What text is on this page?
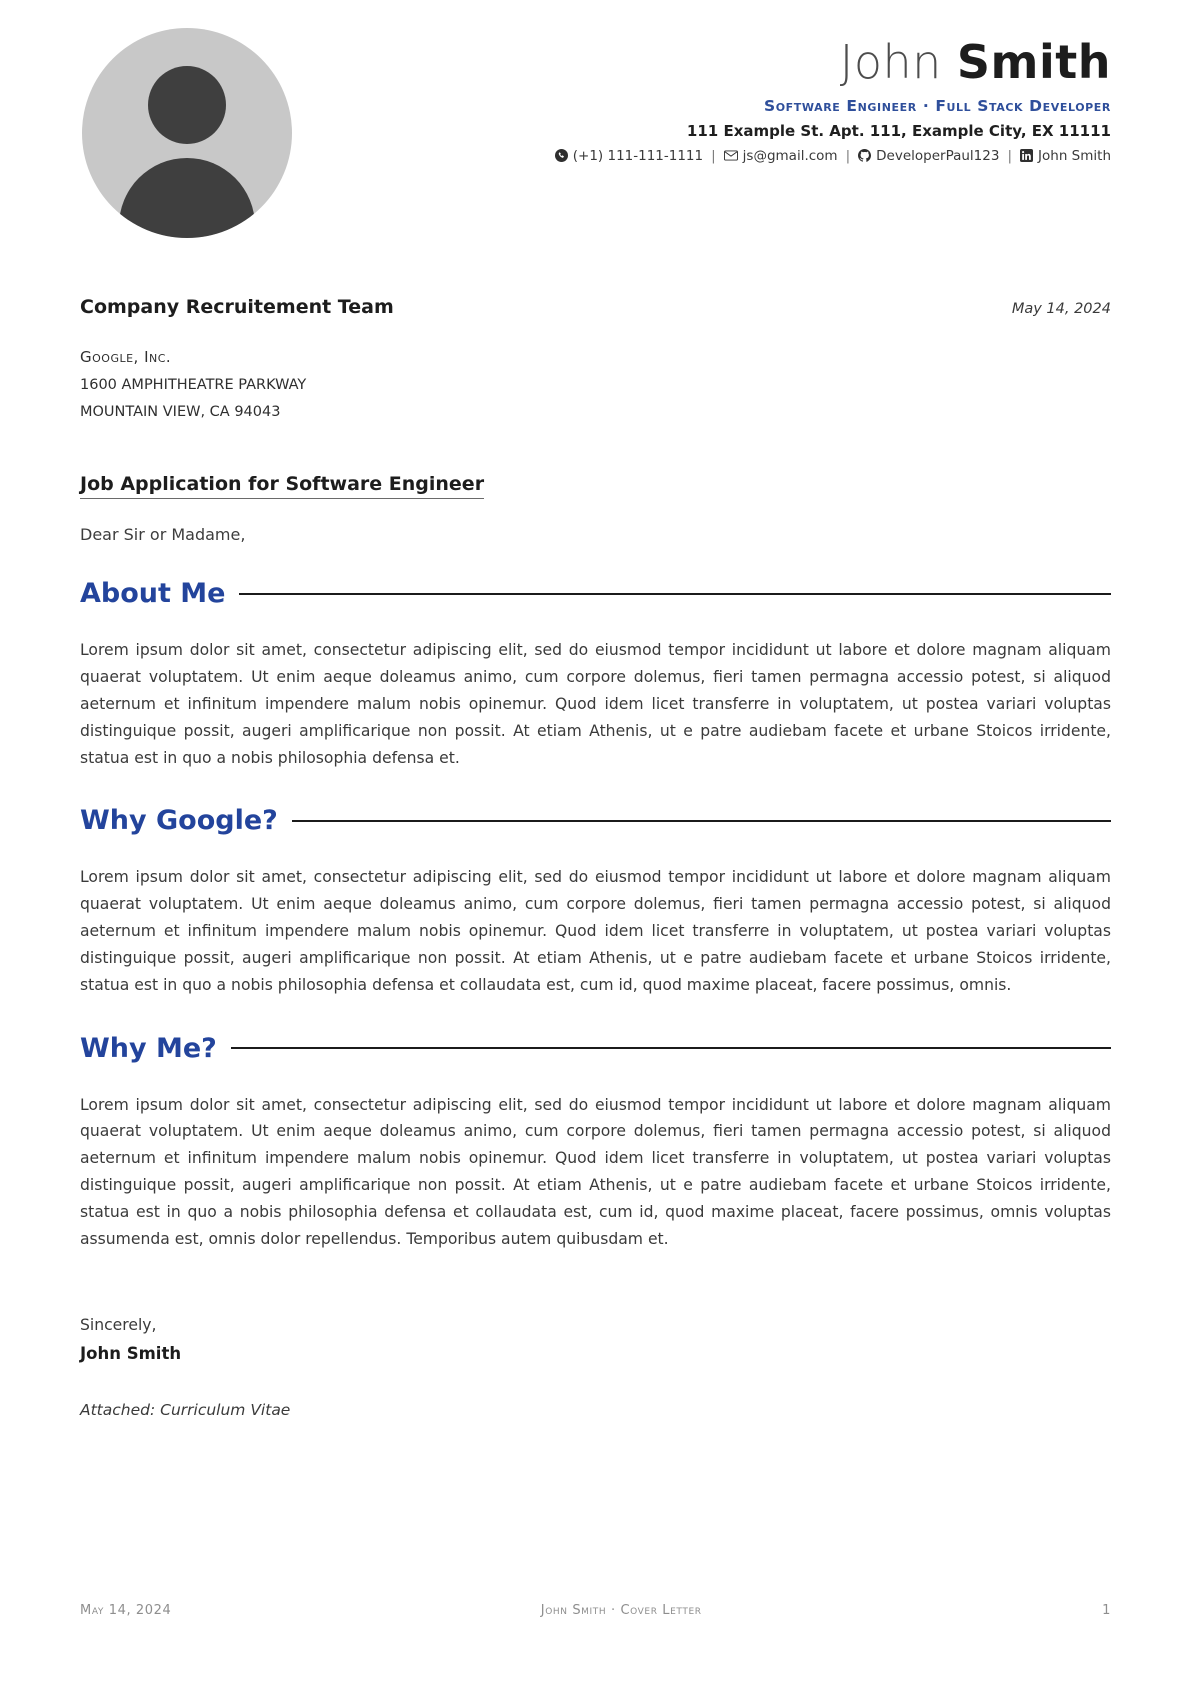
John Smith
Software Engineer · Full Stack Developer
111 Example St. Apt. 111, Example City, EX 11111
(+1) 111-111-1111 | js@gmail.com | DeveloperPaul123 | John Smith
Company Recruitement Team	May 14, 2024
Google, Inc.
1600 AMPHITHEATRE PARKWAY
MOUNTAIN VIEW, CA 94043
Job Application for Software Engineer
Dear Sir or Madame,
About Me
Lorem ipsum dolor sit amet, consectetur adipiscing elit, sed do eiusmod tempor incididunt ut labore et dolore magnam aliquam quaerat voluptatem. Ut enim aeque doleamus animo, cum corpore dolemus, fieri tamen permagna accessio potest, si aliquod aeternum et infinitum impendere malum nobis opinemur. Quod idem licet transferre in voluptatem, ut postea variari voluptas distinguique possit, augeri amplificarique non possit. At etiam Athenis, ut e patre audiebam facete et urbane Stoicos irridente, statua est in quo a nobis philosophia defensa et.
Why Google?
Lorem ipsum dolor sit amet, consectetur adipiscing elit, sed do eiusmod tempor incididunt ut labore et dolore magnam aliquam quaerat voluptatem. Ut enim aeque doleamus animo, cum corpore dolemus, fieri tamen permagna accessio potest, si aliquod aeternum et infinitum impendere malum nobis opinemur. Quod idem licet transferre in voluptatem, ut postea variari voluptas distinguique possit, augeri amplificarique non possit. At etiam Athenis, ut e patre audiebam facete et urbane Stoicos irridente, statua est in quo a nobis philosophia defensa et collaudata est, cum id, quod maxime placeat, facere possimus, omnis.
Why Me?
Lorem ipsum dolor sit amet, consectetur adipiscing elit, sed do eiusmod tempor incididunt ut labore et dolore magnam aliquam quaerat voluptatem. Ut enim aeque doleamus animo, cum corpore dolemus, fieri tamen permagna accessio potest, si aliquod aeternum et infinitum impendere malum nobis opinemur. Quod idem licet transferre in voluptatem, ut postea variari voluptas distinguique possit, augeri amplificarique non possit. At etiam Athenis, ut e patre audiebam facete et urbane Stoicos irridente, statua est in quo a nobis philosophia defensa et collaudata est, cum id, quod maxime placeat, facere possimus, omnis voluptas assumenda est, omnis dolor repellendus. Temporibus autem quibusdam et.
Sincerely,
John Smith
Attached: Curriculum Vitae
May 14, 2024	John Smith · Cover Letter	1
